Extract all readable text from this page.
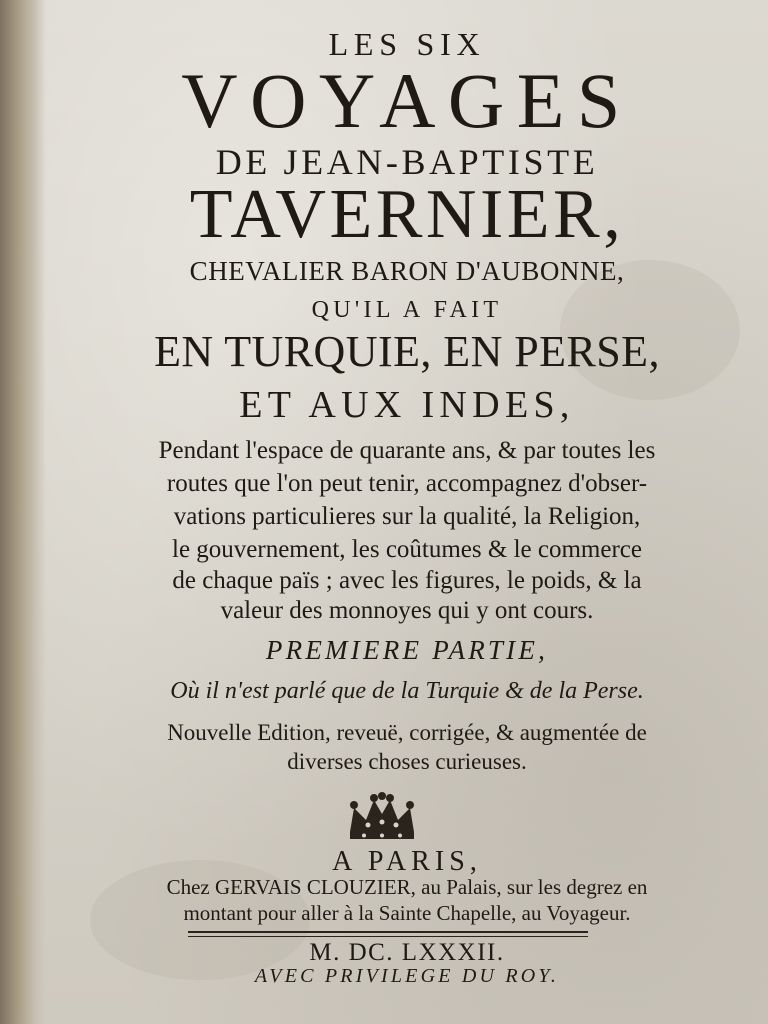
LES SIX

VOYAGES

DE JEAN-BAPTISTE

TAVERNIER,

CHEVALIER BARON D'AUBONNE,

QU'IL A FAIT

EN TURQUIE, EN PERSE,

ET AUX INDES,

Pendant l'espace de quarante ans, & par toutes les

routes que l'on peut tenir, accompagnez d'obser-

vations particulieres sur la qualité, la Religion,

le gouvernement, les coûtumes & le commerce

de chaque païs ; avec les figures, le poids, & la

valeur des monnoyes qui y ont cours.

PREMIERE PARTIE,

Où il n'est parlé que de la Turquie & de la Perse.

Nouvelle Edition, reveuë, corrigée, & augmentée de

diverses choses curieuses.

A PARIS,

Chez GERVAIS CLOUZIER, au Palais, sur les degrez en

montant pour aller à la Sainte Chapelle, au Voyageur.

M. DC. LXXXII.

AVEC PRIVILEGE DU ROY.
